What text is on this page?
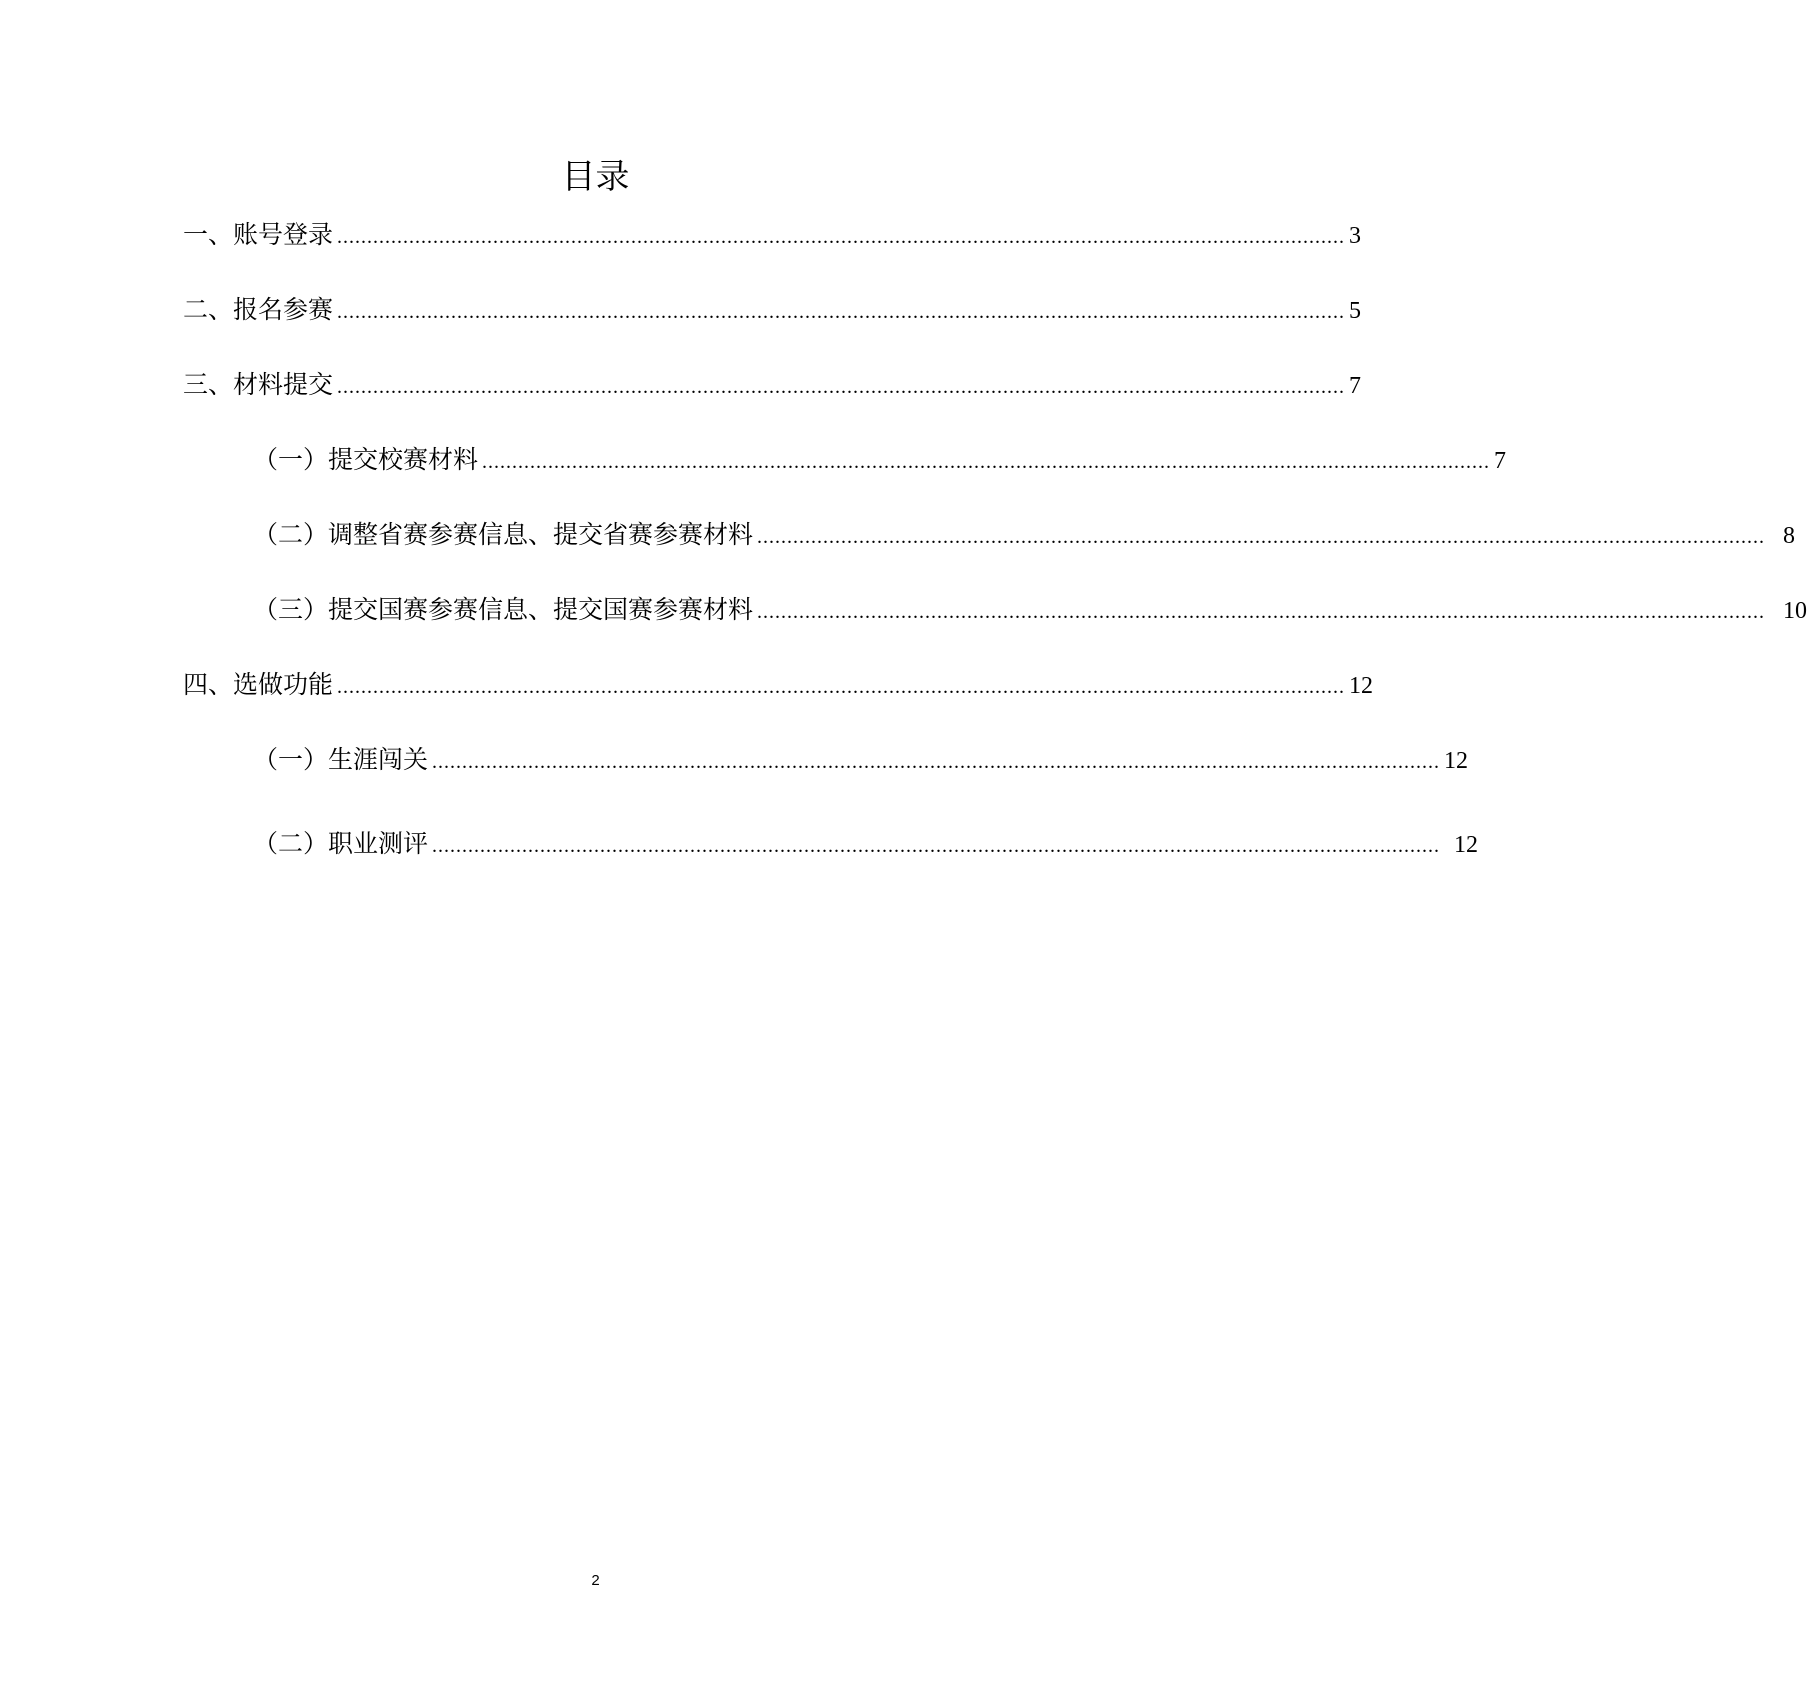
目录
一、账号登录 ........................................................................................................................................................................ 3
二、报名参赛 ........................................................................................................................................................................ 5
三、材料提交 ........................................................................................................................................................................ 7
（一）提交校赛材料 ........................................................................................................................................................................ 7
（二）调整省赛参赛信息、提交省赛参赛材料 ........................................................................................................................................................................ 8
（三）提交国赛参赛信息、提交国赛参赛材料 ........................................................................................................................................................................ 10
四、选做功能 ........................................................................................................................................................................ 12
（一）生涯闯关 ........................................................................................................................................................................ 12
（二）职业测评 ........................................................................................................................................................................ 12
2
